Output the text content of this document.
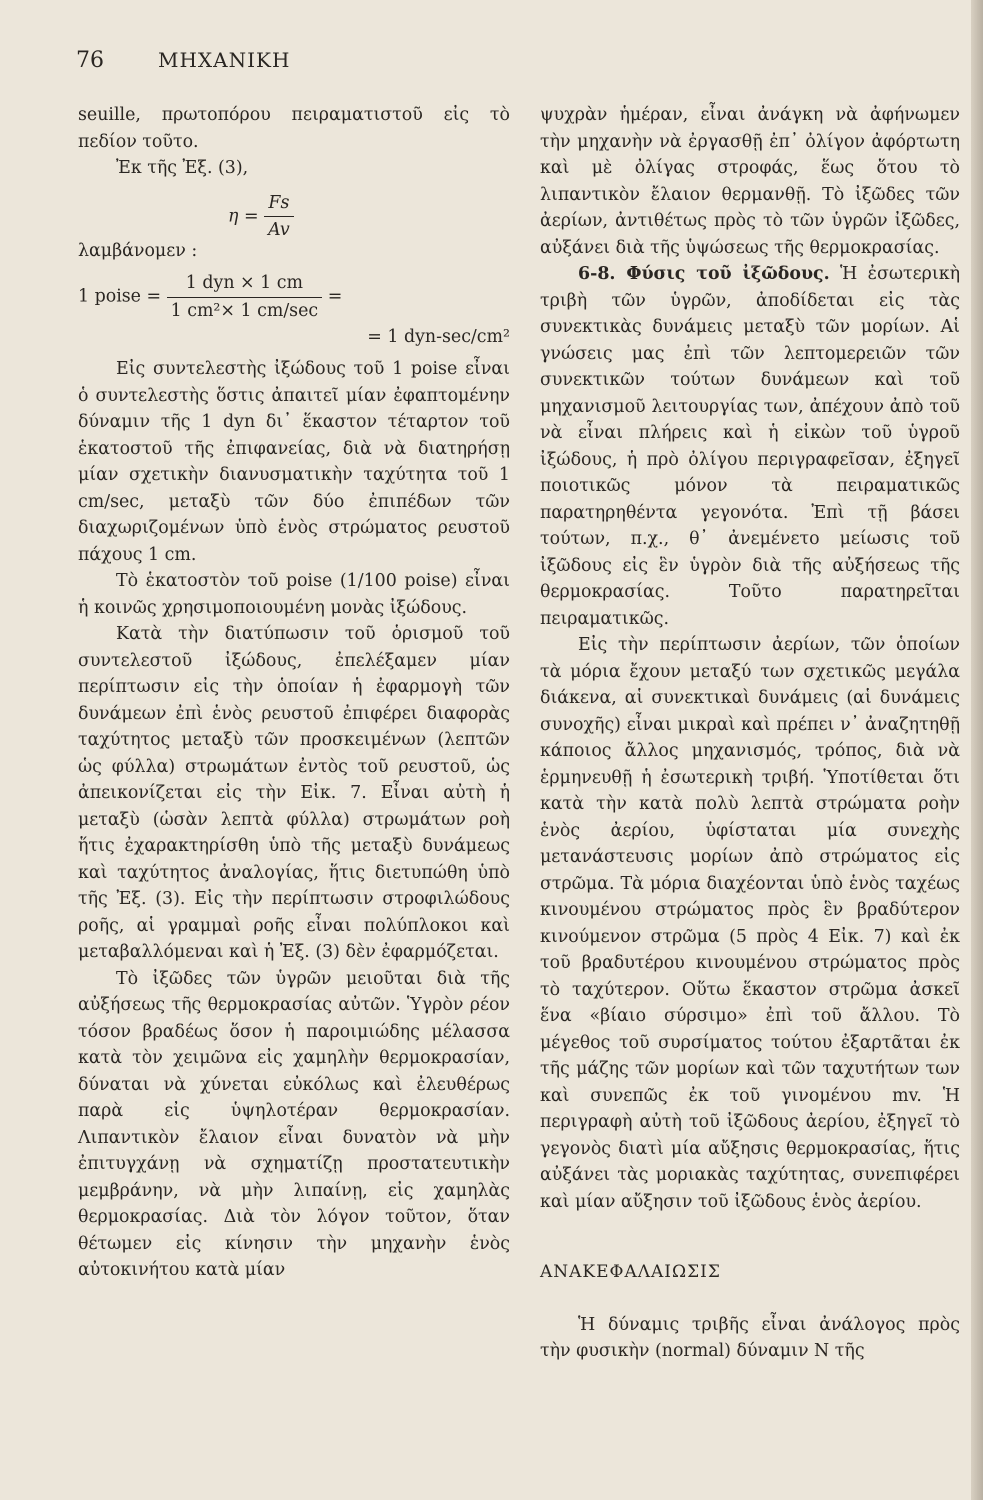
76	ΜΗΧΑΝΙΚΗ

seuille, πρωτοπόρου πειραματιστοῦ εἰς τὸ πεδίον τοῦτο.

Ἐκ τῆς Ἐξ. (3),

$\eta = \frac{Fs}{Av}$

λαμβάνομεν :

1 poise = $\frac{\text{1 dyn × 1 cm}}{\text{1 cm²× 1 cm/sec}}$ =
= 1 dyn-sec/cm²

Εἰς συντελεστὴς ἰξώδους τοῦ 1 poise εἶναι ὁ συντελεστὴς ὅστις ἀπαιτεῖ μίαν ἐφαπτομένην δύναμιν τῆς 1 dyn δι᾽ ἕκαστον τέταρτον τοῦ ἑκατοστοῦ τῆς ἐπιφανείας, διὰ νὰ διατηρήσῃ μίαν σχετικὴν διανυσματικὴν ταχύτητα τοῦ 1 cm/sec, μεταξὺ τῶν δύο ἐπιπέδων τῶν διαχωριζομένων ὑπὸ ἑνὸς στρώματος ρευστοῦ πάχους 1 cm.

Τὸ ἑκατοστὸν τοῦ poise (1/100 poise) εἶναι ἡ κοινῶς χρησιμοποιουμένη μονὰς ἰξώδους.

Κατὰ τὴν διατύπωσιν τοῦ ὁρισμοῦ τοῦ συντελεστοῦ ἰξώδους, ἐπελέξαμεν μίαν περίπτωσιν εἰς τὴν ὁποίαν ἡ ἐφαρμογὴ τῶν δυνάμεων ἐπὶ ἑνὸς ρευστοῦ ἐπιφέρει διαφορὰς ταχύτητος μεταξὺ τῶν προσκειμένων (λεπτῶν ὡς φύλλα) στρωμάτων ἐντὸς τοῦ ρευστοῦ, ὡς ἀπεικονίζεται εἰς τὴν Εἰκ. 7. Εἶναι αὐτὴ ἡ μεταξὺ (ὡσὰν λεπτὰ φύλλα) στρωμάτων ροὴ ἥτις ἐχαρακτηρίσθη ὑπὸ τῆς μεταξὺ δυνάμεως καὶ ταχύτητος ἀναλογίας, ἥτις διετυπώθη ὑπὸ τῆς Ἐξ. (3). Εἰς τὴν περίπτωσιν στροφιλώδους ροῆς, αἱ γραμμαὶ ροῆς εἶναι πολύπλοκοι καὶ μεταβαλλόμεναι καὶ ἡ Ἐξ. (3) δὲν ἐφαρμόζεται.

Τὸ ἰξῶδες τῶν ὑγρῶν μειοῦται διὰ τῆς αὐξήσεως τῆς θερμοκρασίας αὐτῶν. Ὑγρὸν ρέον τόσον βραδέως ὅσον ἡ παροιμιώδης μέλασσα κατὰ τὸν χειμῶνα εἰς χαμηλὴν θερμοκρασίαν, δύναται νὰ χύνεται εὐκόλως καὶ ἐλευθέρως παρὰ εἰς ὑψηλοτέραν θερμοκρασίαν. Λιπαντικὸν ἔλαιον εἶναι δυνατὸν νὰ μὴν ἐπιτυγχάνῃ νὰ σχηματίζῃ προστατευτικὴν μεμβράνην, νὰ μὴν λιπαίνῃ, εἰς χαμηλὰς θερμοκρασίας. Διὰ τὸν λόγον τοῦτον, ὅταν θέτωμεν εἰς κίνησιν τὴν μηχανὴν ἑνὸς αὐτοκινήτου κατὰ μίαν

ψυχρὰν ἡμέραν, εἶναι ἀνάγκη νὰ ἀφήνωμεν τὴν μηχανὴν νὰ ἐργασθῇ ἐπ᾽ ὀλίγον ἀφόρτωτη καὶ μὲ ὀλίγας στροφάς, ἕως ὅτου τὸ λιπαντικὸν ἔλαιον θερμανθῇ. Τὸ ἰξῶδες τῶν ἀερίων, ἀντιθέτως πρὸς τὸ τῶν ὑγρῶν ἰξῶδες, αὐξάνει διὰ τῆς ὑψώσεως τῆς θερμοκρασίας.

6-8. Φύσις τοῦ ἰξῶδους. Ἡ ἐσωτερικὴ τριβὴ τῶν ὑγρῶν, ἀποδίδεται εἰς τὰς συνεκτικὰς δυνάμεις μεταξὺ τῶν μορίων. Αἱ γνώσεις μας ἐπὶ τῶν λεπτομερειῶν τῶν συνεκτικῶν τούτων δυνάμεων καὶ τοῦ μηχανισμοῦ λειτουργίας των, ἀπέχουν ἀπὸ τοῦ νὰ εἶναι πλήρεις καὶ ἡ εἰκὼν τοῦ ὑγροῦ ἰξώδους, ἡ πρὸ ὀλίγου περιγραφεῖσαν, ἐξηγεῖ ποιοτικῶς μόνον τὰ πειραματικῶς παρατηρηθέντα γεγονότα. Ἐπὶ τῇ βάσει τούτων, π.χ., θ᾽ ἀνεμένετο μείωσις τοῦ ἰξῶδους εἰς ἓν ὑγρὸν διὰ τῆς αὐξήσεως τῆς θερμοκρασίας. Τοῦτο παρατηρεῖται πειραματικῶς.

Εἰς τὴν περίπτωσιν ἀερίων, τῶν ὁποίων τὰ μόρια ἔχουν μεταξύ των σχετικῶς μεγάλα διάκενα, αἱ συνεκτικαὶ δυνάμεις (αἱ δυνάμεις συνοχῆς) εἶναι μικραὶ καὶ πρέπει ν᾽ ἀναζητηθῇ κάποιος ἄλλος μηχανισμός, τρόπος, διὰ νὰ ἑρμηνευθῇ ἡ ἐσωτερικὴ τριβή. Ὑποτίθεται ὅτι κατὰ τὴν κατὰ πολὺ λεπτὰ στρώματα ροὴν ἑνὸς ἀερίου, ὑφίσταται μία συνεχὴς μετανάστευσις μορίων ἀπὸ στρώματος εἰς στρῶμα. Τὰ μόρια διαχέονται ὑπὸ ἑνὸς ταχέως κινουμένου στρώματος πρὸς ἓν βραδύτερον κινούμενον στρῶμα (5 πρὸς 4 Εἰκ. 7) καὶ ἐκ τοῦ βραδυτέρου κινουμένου στρώματος πρὸς τὸ ταχύτερον. Οὕτω ἕκαστον στρῶμα ἀσκεῖ ἕνα «βίαιο σύρσιμο» ἐπὶ τοῦ ἄλλου. Τὸ μέγεθος τοῦ συρσίματος τούτου ἐξαρτᾶται ἐκ τῆς μάζης τῶν μορίων καὶ τῶν ταχυτήτων των καὶ συνεπῶς ἐκ τοῦ γινομένου mv. Ἡ περιγραφὴ αὐτὴ τοῦ ἰξῶδους ἀερίου, ἐξηγεῖ τὸ γεγονὸς διατὶ μία αὔξησις θερμοκρασίας, ἥτις αὐξάνει τὰς μοριακὰς ταχύτητας, συνεπιφέρει καὶ μίαν αὔξησιν τοῦ ἰξῶδους ἑνὸς ἀερίου.

ΑΝΑΚΕΦΑΛΑΙΩΣΙΣ

Ἡ δύναμις τριβῆς εἶναι ἀνάλογος πρὸς τὴν φυσικὴν (normal) δύναμιν N τῆς
